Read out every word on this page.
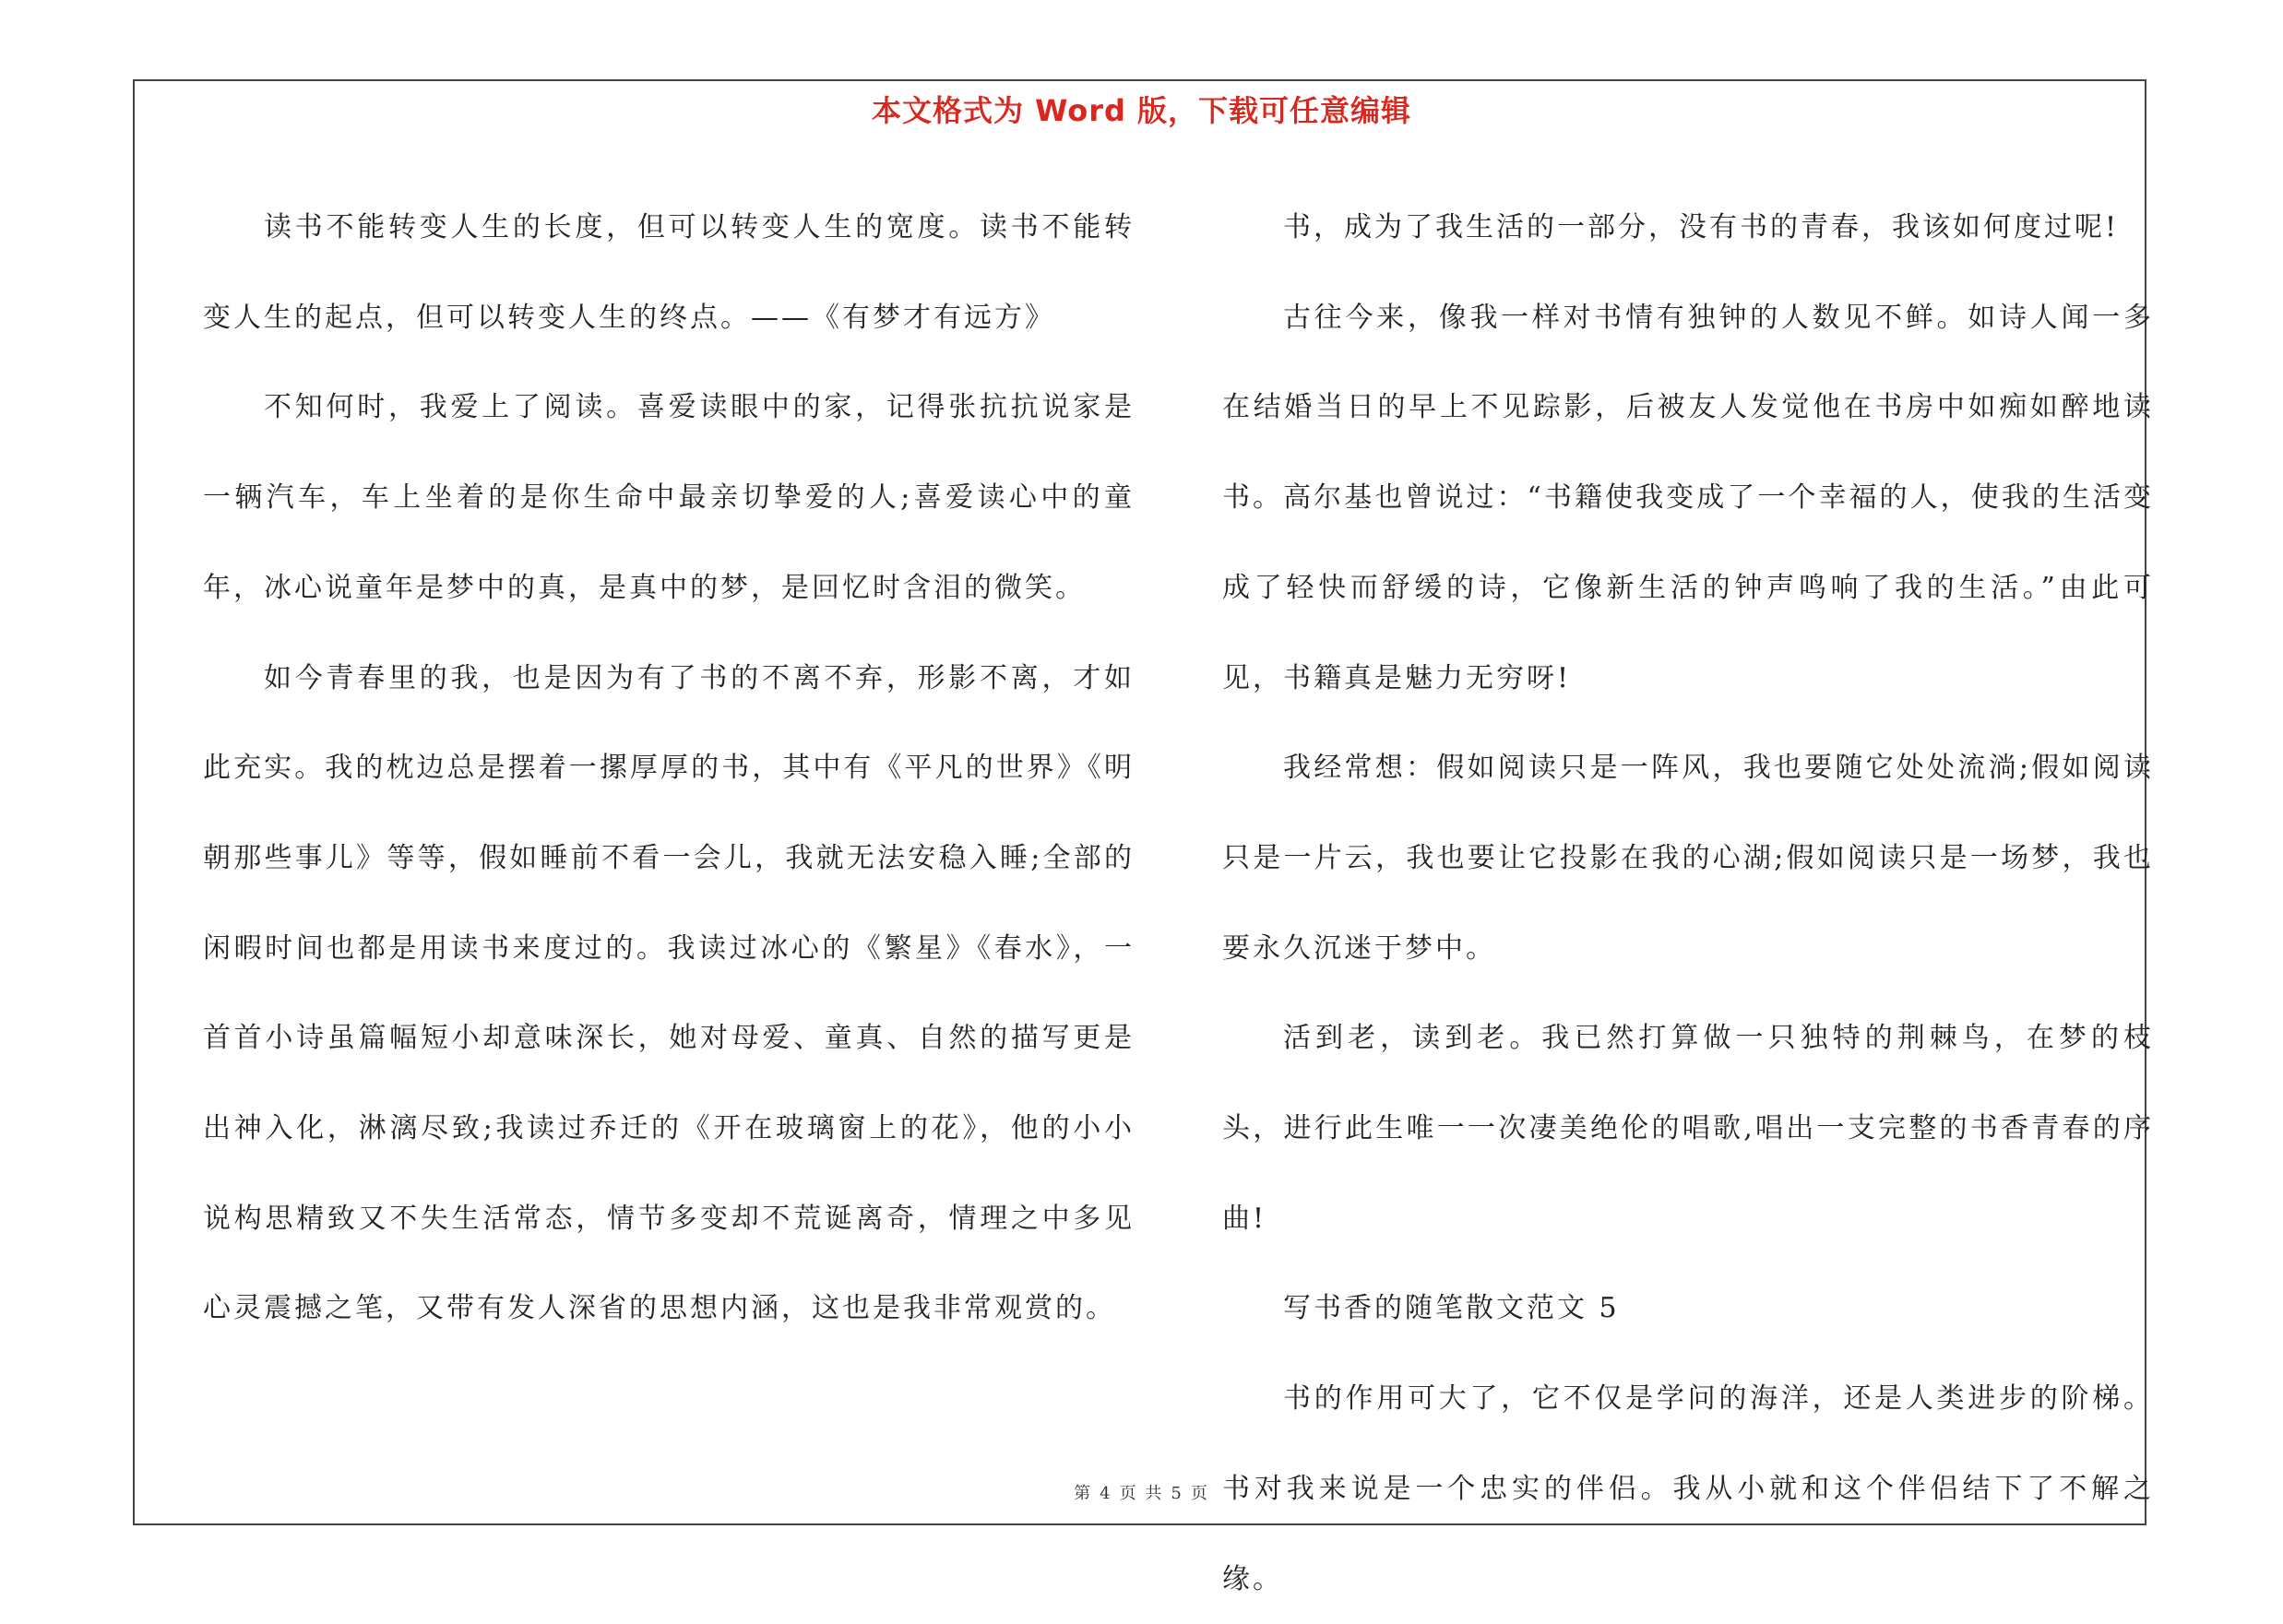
本文格式为 Word 版，下载可任意编辑

读书不能转变人生的长度，但可以转变人生的宽度。读书不能转变人生的起点，但可以转变人生的终点。——《有梦才有远方》

不知何时，我爱上了阅读。喜爱读眼中的家，记得张抗抗说家是一辆汽车，车上坐着的是你生命中最亲切挚爱的人;喜爱读心中的童年，冰心说童年是梦中的真，是真中的梦，是回忆时含泪的微笑。

如今青春里的我，也是因为有了书的不离不弃，形影不离，才如此充实。我的枕边总是摆着一摞厚厚的书，其中有《平凡的世界》《明朝那些事儿》等等，假如睡前不看一会儿，我就无法安稳入睡;全部的闲暇时间也都是用读书来度过的。我读过冰心的《繁星》《春水》，一首首小诗虽篇幅短小却意味深长，她对母爱、童真、自然的描写更是出神入化，淋漓尽致;我读过乔迁的《开在玻璃窗上的花》，他的小小说构思精致又不失生活常态，情节多变却不荒诞离奇，情理之中多见心灵震撼之笔，又带有发人深省的思想内涵，这也是我非常观赏的。

书，成为了我生活的一部分，没有书的青春，我该如何度过呢!

古往今来，像我一样对书情有独钟的人数见不鲜。如诗人闻一多在结婚当日的早上不见踪影，后被友人发觉他在书房中如痴如醉地读书。高尔基也曾说过：“书籍使我变成了一个幸福的人，使我的生活变成了轻快而舒缓的诗，它像新生活的钟声鸣响了我的生活。”由此可见，书籍真是魅力无穷呀!

我经常想：假如阅读只是一阵风，我也要随它处处流淌;假如阅读只是一片云，我也要让它投影在我的心湖;假如阅读只是一场梦，我也要永久沉迷于梦中。

活到老，读到老。我已然打算做一只独特的荆棘鸟，在梦的枝头，进行此生唯一一次凄美绝伦的唱歌,唱出一支完整的书香青春的序曲!

写书香的随笔散文范文 5

书的作用可大了，它不仅是学问的海洋，还是人类进步的阶梯。书对我来说是一个忠实的伴侣。我从小就和这个伴侣结下了不解之缘。

第 4 页 共 5 页
